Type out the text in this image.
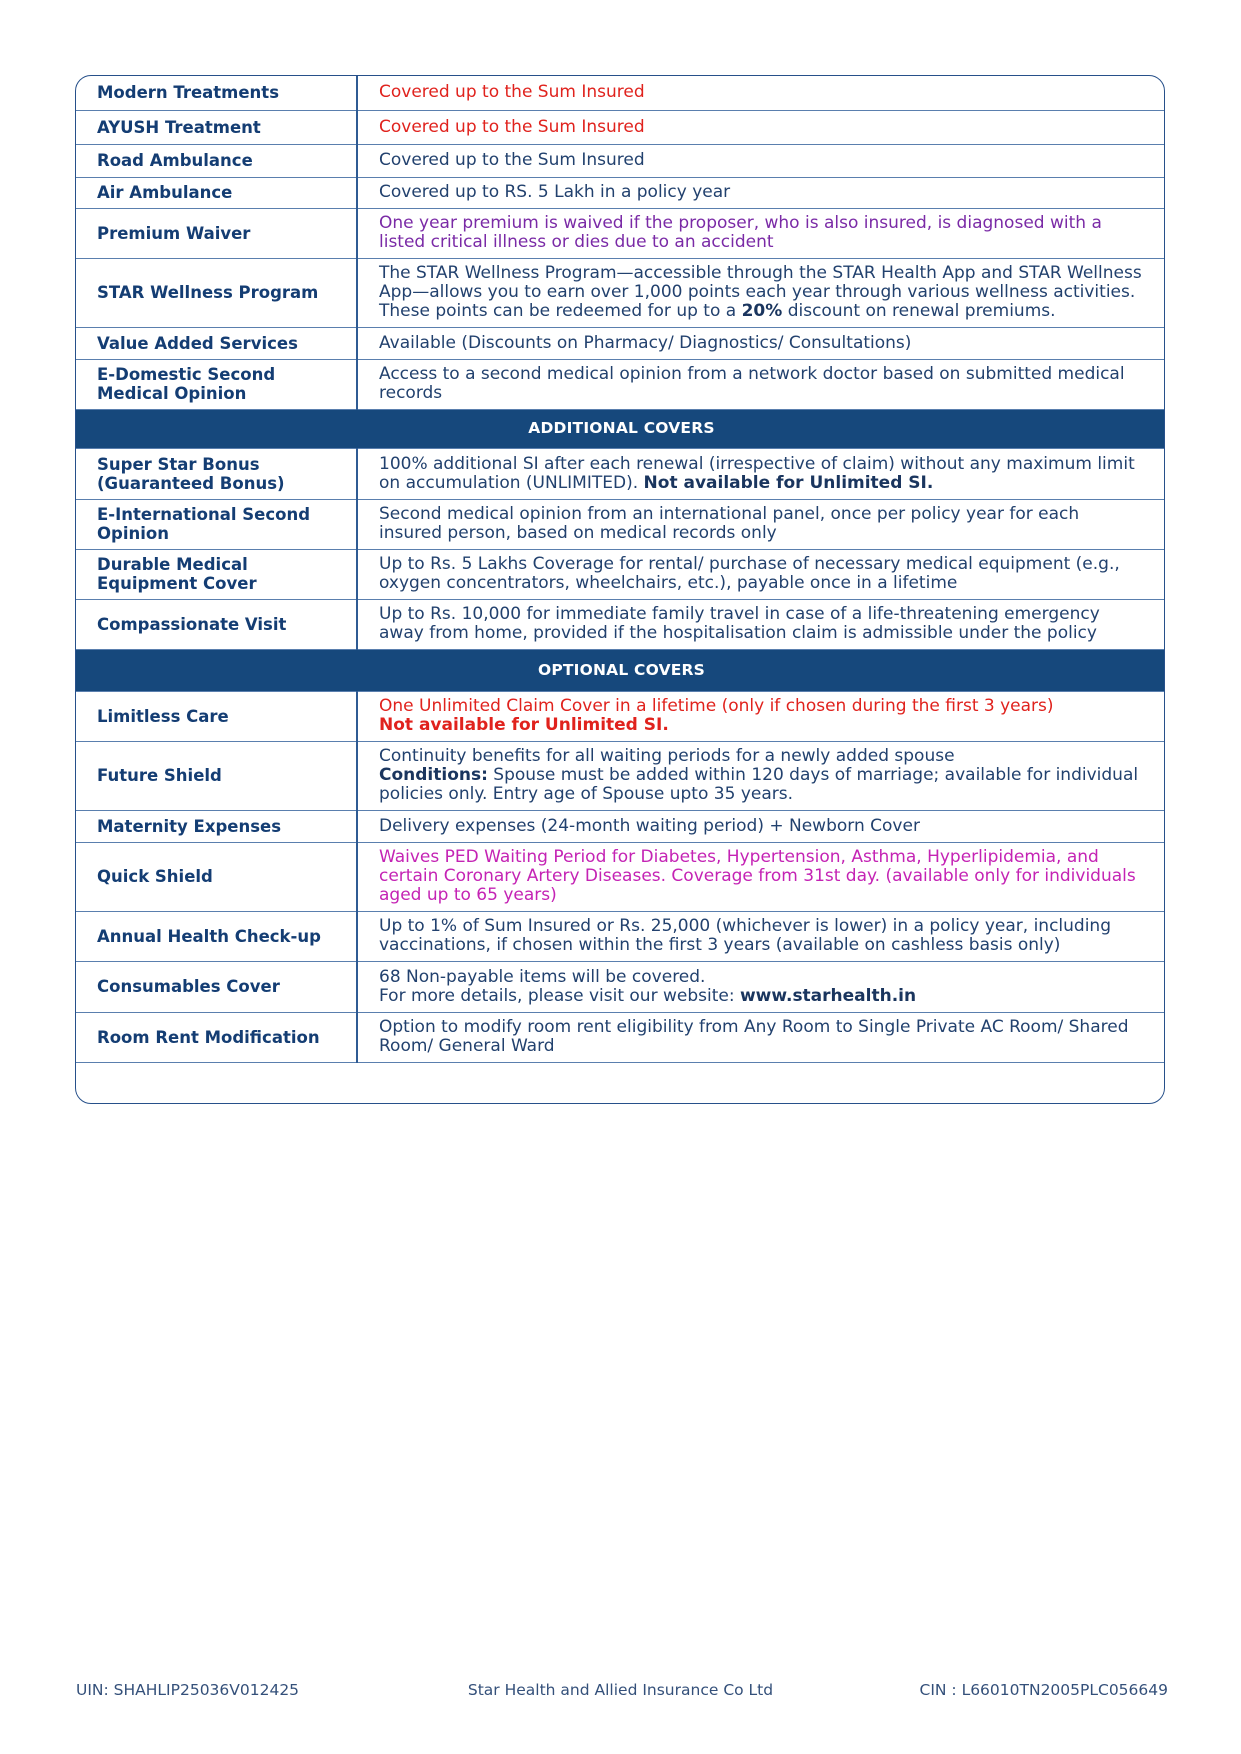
Modern Treatments	Covered up to the Sum Insured
AYUSH Treatment	Covered up to the Sum Insured
Road Ambulance	Covered up to the Sum Insured
Air Ambulance	Covered up to RS. 5 Lakh in a policy year
Premium Waiver	One year premium is waived if the proposer, who is also insured, is diagnosed with a listed critical illness or dies due to an accident
STAR Wellness Program	The STAR Wellness Program—accessible through the STAR Health App and STAR Wellness App—allows you to earn over 1,000 points each year through various wellness activities. These points can be redeemed for up to a 20% discount on renewal premiums.
Value Added Services	Available (Discounts on Pharmacy/ Diagnostics/ Consultations)
E-Domestic Second Medical Opinion	Access to a second medical opinion from a network doctor based on submitted medical records
ADDITIONAL COVERS	
Super Star Bonus (Guaranteed Bonus)	100% additional SI after each renewal (irrespective of claim) without any maximum limit on accumulation (UNLIMITED). Not available for Unlimited SI.
E-International Second Opinion	Second medical opinion from an international panel, once per policy year for each insured person, based on medical records only
Durable Medical Equipment Cover	Up to Rs. 5 Lakhs Coverage for rental/ purchase of necessary medical equipment (e.g., oxygen concentrators, wheelchairs, etc.), payable once in a lifetime
Compassionate Visit	Up to Rs. 10,000 for immediate family travel in case of a life-threatening emergency away from home, provided if the hospitalisation claim is admissible under the policy
OPTIONAL COVERS	
Limitless Care	One Unlimited Claim Cover in a lifetime (only if chosen during the first 3 years)
Not available for Unlimited SI.
Future Shield	Continuity benefits for all waiting periods for a newly added spouse
Conditions: Spouse must be added within 120 days of marriage; available for individual policies only. Entry age of Spouse upto 35 years.
Maternity Expenses	Delivery expenses (24-month waiting period) + Newborn Cover
Quick Shield	Waives PED Waiting Period for Diabetes, Hypertension, Asthma, Hyperlipidemia, and certain Coronary Artery Diseases. Coverage from 31st day. (available only for individuals aged up to 65 years)
Annual Health Check-up	Up to 1% of Sum Insured or Rs. 25,000 (whichever is lower) in a policy year, including vaccinations, if chosen within the first 3 years (available on cashless basis only)
Consumables Cover	68 Non-payable items will be covered.
For more details, please visit our website: www.starhealth.in
Room Rent Modification	Option to modify room rent eligibility from Any Room to Single Private AC Room/ Shared Room/ General Ward

UIN: SHAHLIP25036V012425	Star Health and Allied Insurance Co Ltd	CIN : L66010TN2005PLC056649
